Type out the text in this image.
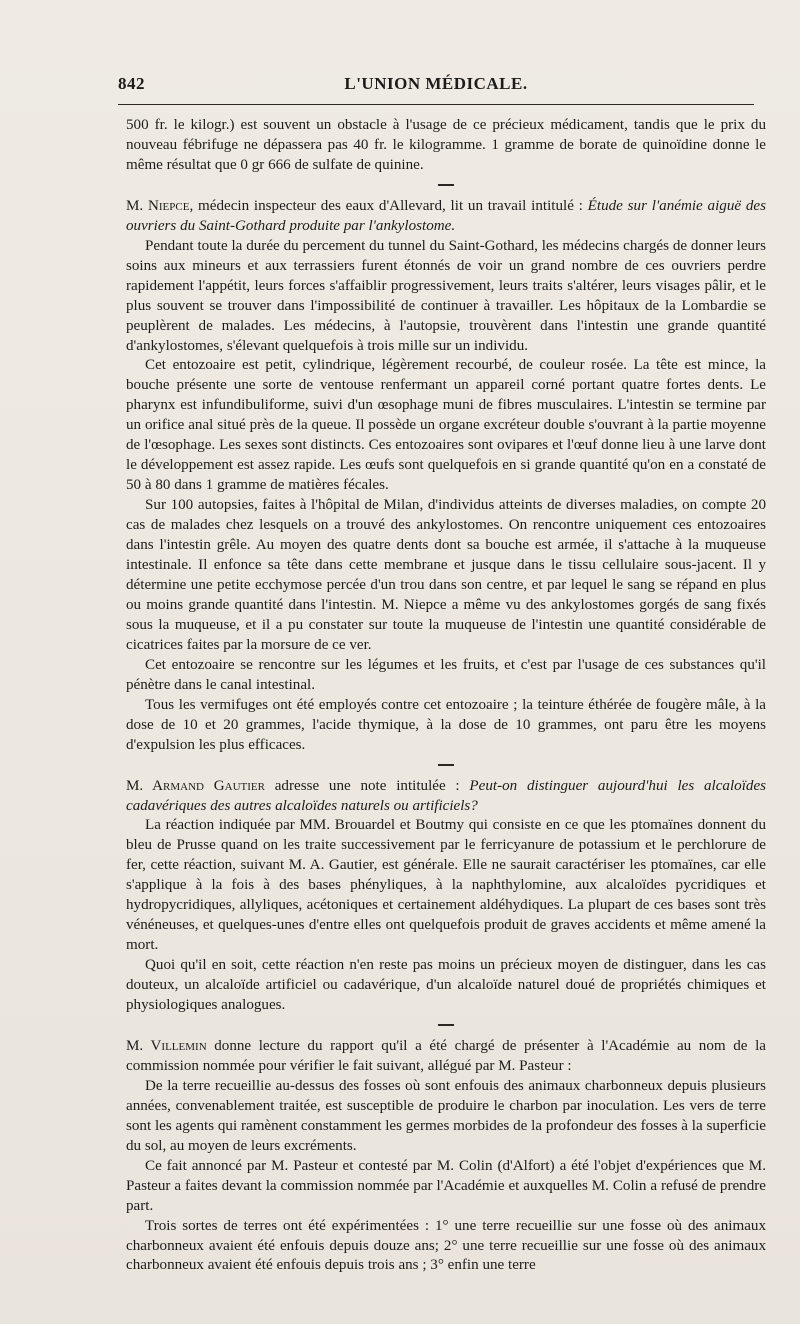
842	L'UNION MÉDICALE.

500 fr. le kilogr.) est souvent un obstacle à l'usage de ce précieux médicament, tandis que le prix du nouveau fébrifuge ne dépassera pas 40 fr. le kilogramme. 1 gramme de borate de quinoïdine donne le même résultat que 0 gr 666 de sulfate de quinine.

M. Niepce, médecin inspecteur des eaux d'Allevard, lit un travail intitulé : Étude sur l'anémie aiguë des ouvriers du Saint-Gothard produite par l'ankylostome.

Pendant toute la durée du percement du tunnel du Saint-Gothard, les médecins chargés de donner leurs soins aux mineurs et aux terrassiers furent étonnés de voir un grand nombre de ces ouvriers perdre rapidement l'appétit, leurs forces s'affaiblir progressivement, leurs traits s'altérer, leurs visages pâlir, et le plus souvent se trouver dans l'impossibilité de continuer à travailler. Les hôpitaux de la Lombardie se peuplèrent de malades. Les médecins, à l'autopsie, trouvèrent dans l'intestin une grande quantité d'ankylostomes, s'élevant quelquefois à trois mille sur un individu.

Cet entozoaire est petit, cylindrique, légèrement recourbé, de couleur rosée. La tête est mince, la bouche présente une sorte de ventouse renfermant un appareil corné portant quatre fortes dents. Le pharynx est infundibuliforme, suivi d'un œsophage muni de fibres musculaires. L'intestin se termine par un orifice anal situé près de la queue. Il possède un organe excréteur double s'ouvrant à la partie moyenne de l'œsophage. Les sexes sont distincts. Ces entozoaires sont ovipares et l'œuf donne lieu à une larve dont le développement est assez rapide. Les œufs sont quelquefois en si grande quantité qu'on en a constaté de 50 à 80 dans 1 gramme de matières fécales.

Sur 100 autopsies, faites à l'hôpital de Milan, d'individus atteints de diverses maladies, on compte 20 cas de malades chez lesquels on a trouvé des ankylostomes. On rencontre uniquement ces entozoaires dans l'intestin grêle. Au moyen des quatre dents dont sa bouche est armée, il s'attache à la muqueuse intestinale. Il enfonce sa tête dans cette membrane et jusque dans le tissu cellulaire sous-jacent. Il y détermine une petite ecchymose percée d'un trou dans son centre, et par lequel le sang se répand en plus ou moins grande quantité dans l'intestin. M. Niepce a même vu des ankylostomes gorgés de sang fixés sous la muqueuse, et il a pu constater sur toute la muqueuse de l'intestin une quantité considérable de cicatrices faites par la morsure de ce ver.

Cet entozoaire se rencontre sur les légumes et les fruits, et c'est par l'usage de ces substances qu'il pénètre dans le canal intestinal.

Tous les vermifuges ont été employés contre cet entozoaire ; la teinture éthérée de fougère mâle, à la dose de 10 et 20 grammes, l'acide thymique, à la dose de 10 grammes, ont paru être les moyens d'expulsion les plus efficaces.

M. Armand Gautier adresse une note intitulée : Peut-on distinguer aujourd'hui les alcaloïdes cadavériques des autres alcaloïdes naturels ou artificiels?

La réaction indiquée par MM. Brouardel et Boutmy qui consiste en ce que les ptomaïnes donnent du bleu de Prusse quand on les traite successivement par le ferricyanure de potassium et le perchlorure de fer, cette réaction, suivant M. A. Gautier, est générale. Elle ne saurait caractériser les ptomaïnes, car elle s'applique à la fois à des bases phényliques, à la naphthylomine, aux alcaloïdes pycridiques et hydropycridiques, allyliques, acétoniques et certainement aldéhydiques. La plupart de ces bases sont très vénéneuses, et quelques-unes d'entre elles ont quelquefois produit de graves accidents et même amené la mort.

Quoi qu'il en soit, cette réaction n'en reste pas moins un précieux moyen de distinguer, dans les cas douteux, un alcaloïde artificiel ou cadavérique, d'un alcaloïde naturel doué de propriétés chimiques et physiologiques analogues.

M. Villemin donne lecture du rapport qu'il a été chargé de présenter à l'Académie au nom de la commission nommée pour vérifier le fait suivant, allégué par M. Pasteur :

De la terre recueillie au-dessus des fosses où sont enfouis des animaux charbonneux depuis plusieurs années, convenablement traitée, est susceptible de produire le charbon par inoculation. Les vers de terre sont les agents qui ramènent constamment les germes morbides de la profondeur des fosses à la superficie du sol, au moyen de leurs excréments.

Ce fait annoncé par M. Pasteur et contesté par M. Colin (d'Alfort) a été l'objet d'expériences que M. Pasteur a faites devant la commission nommée par l'Académie et auxquelles M. Colin a refusé de prendre part.

Trois sortes de terres ont été expérimentées : 1° une terre recueillie sur une fosse où des animaux charbonneux avaient été enfouis depuis douze ans; 2° une terre recueillie sur une fosse où des animaux charbonneux avaient été enfouis depuis trois ans ; 3° enfin une terre
